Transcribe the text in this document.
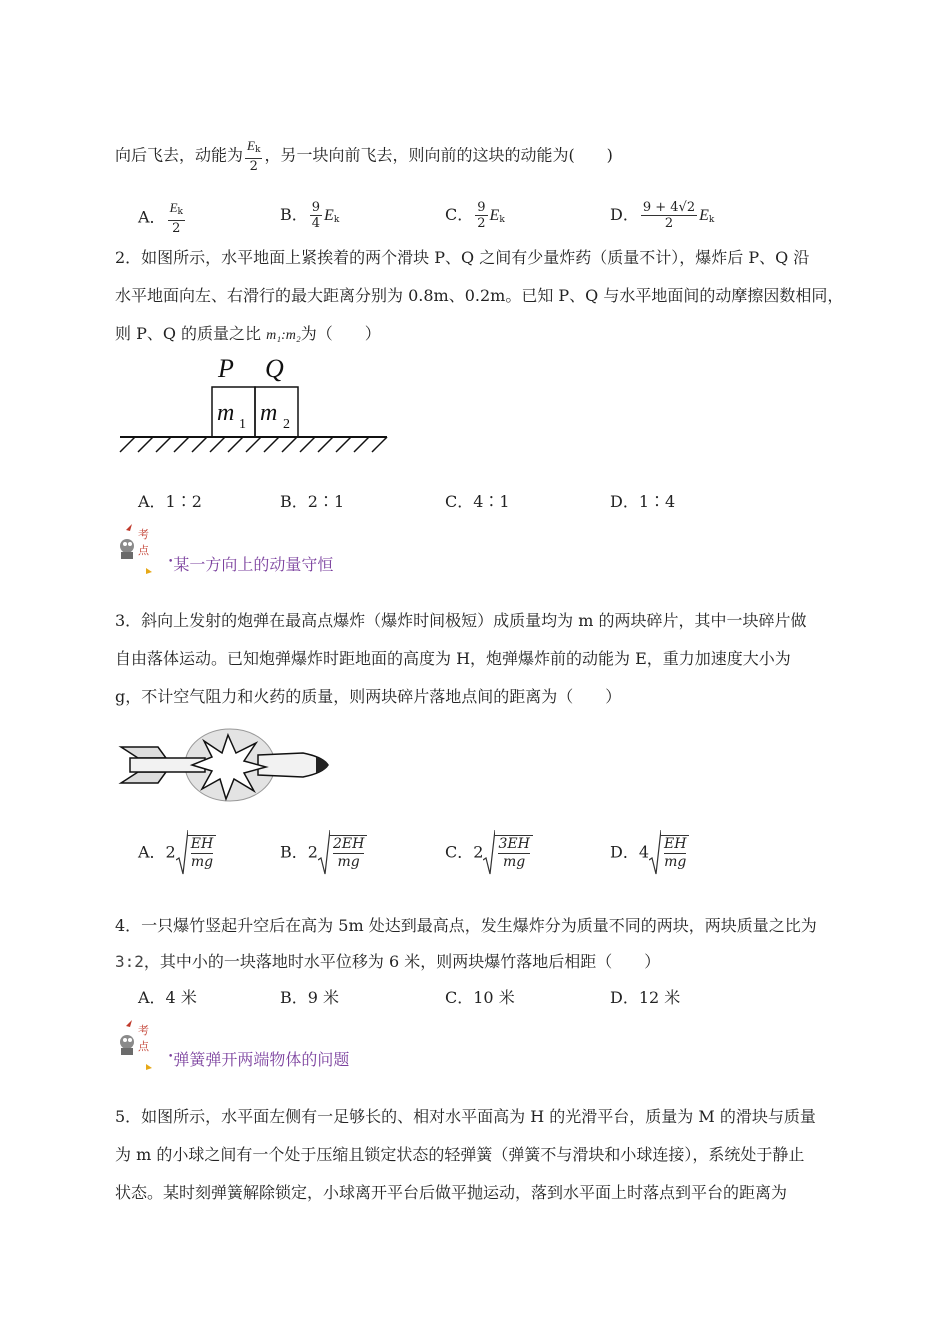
向后飞去，动能为 $\frac{E_k}{2}$ ，另一块向前飞去，则向前的这块的动能为(　　)
A． $\frac{E_k}{2}$	B． $\frac{9}{4} E_k$	C． $\frac{9}{2} E_k$	D． $\frac{9 + 4√2}{2} E_k$
2．如图所示，水平地面上紧挨着的两个滑块 P、Q 之间有少量炸药（质量不计），爆炸后 P、Q 沿
水平地面向左、右滑行的最大距离分别为 0.8m、0.2m。已知 P、Q 与水平地面间的动摩擦因数相同，
则 P、Q 的质量之比 m₁:m₂为（　　）
P Q
m 1 m 2
A．1∶2	B．2∶1	C．4∶1	D．1∶4
考
点
•某一方向上的动量守恒
3．斜向上发射的炮弹在最高点爆炸（爆炸时间极短）成质量均为 m 的两块碎片，其中一块碎片做
自由落体运动。已知炮弹爆炸时距地面的高度为 H，炮弹爆炸前的动能为 E，重力加速度大小为
g，不计空气阻力和火药的质量，则两块碎片落地点间的距离为（　　）
A．$2 \frac{EH}{mg}$	B．$2 \frac{2EH}{mg}$	C．$2 \frac{3EH}{mg}$	D．$4 \frac{EH}{mg}$
4．一只爆竹竖起升空后在高为 5m 处达到最高点，发生爆炸分为质量不同的两块，两块质量之比为
3:2，其中小的一块落地时水平位移为 6 米，则两块爆竹落地后相距（　　）
A．4 米	B．9 米	C．10 米	D．12 米
考
点
•弹簧弹开两端物体的问题
5．如图所示，水平面左侧有一足够长的、相对水平面高为 H 的光滑平台，质量为 M 的滑块与质量
为 m 的小球之间有一个处于压缩且锁定状态的轻弹簧（弹簧不与滑块和小球连接），系统处于静止
状态。某时刻弹簧解除锁定，小球离开平台后做平抛运动，落到水平面上时落点到平台的距离为
